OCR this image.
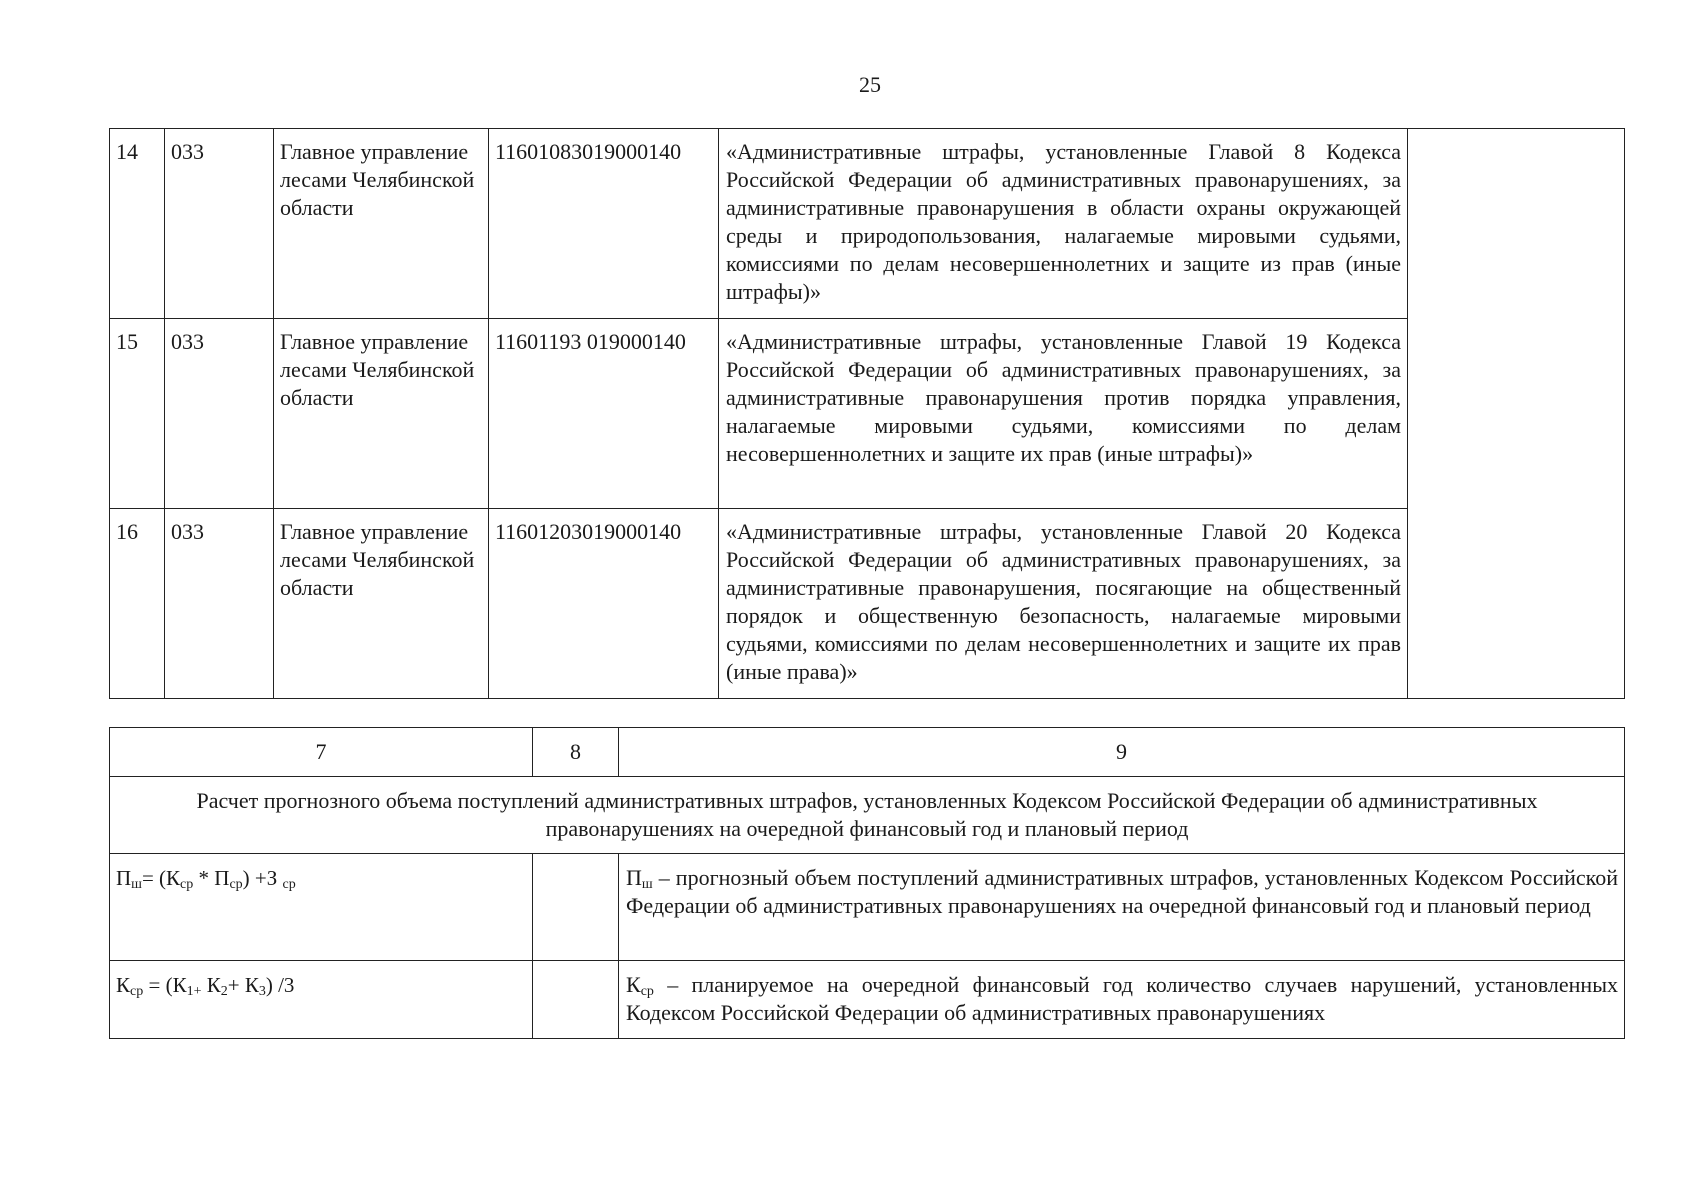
25
14	033	Главное управление лесами Челябинской области	11601083019000140	«Административные штрафы, установленные Главой 8 Кодекса Российской Федерации об административных правонарушениях, за административные правонарушения в области охраны окружающей среды и природопользования, налагаемые мировыми судьями, комиссиями по делам несовершеннолетних и защите из прав (иные штрафы)»	
15	033	Главное управление лесами Челябинской области	11601193 019000140	«Административные штрафы, установленные Главой 19 Кодекса Российской Федерации об административных правонарушениях, за административные правонарушения против порядка управления, налагаемые мировыми судьями, комиссиями по делам несовершеннолетних и защите их прав (иные штрафы)»	
16	033	Главное управление лесами Челябинской области	11601203019000140	«Административные штрафы, установленные Главой 20 Кодекса Российской Федерации об административных правонарушениях, за административные правонарушения, посягающие на общественный порядок и общественную безопасность, налагаемые мировыми судьями, комиссиями по делам несовершеннолетних и защите их прав (иные права)»	
7	8	9
Расчет прогнозного объема поступлений административных штрафов, установленных Кодексом Российской Федерации об административных правонарушениях на очередной финансовый год и плановый период		
$П_ш= (К_{ср} * П_{ср}) +З$ $_{ср}$		$П_ш$ – прогнозный объем поступлений административных штрафов, установленных Кодексом Российской Федерации об административных правонарушениях на очередной финансовый год и плановый период
$К_{ср} = (К_{1+}$ $К_2+ К_3$) /3		$К_{ср}$ – планируемое на очередной финансовый год количество случаев нарушений, установленных Кодексом Российской Федерации об административных правонарушениях
